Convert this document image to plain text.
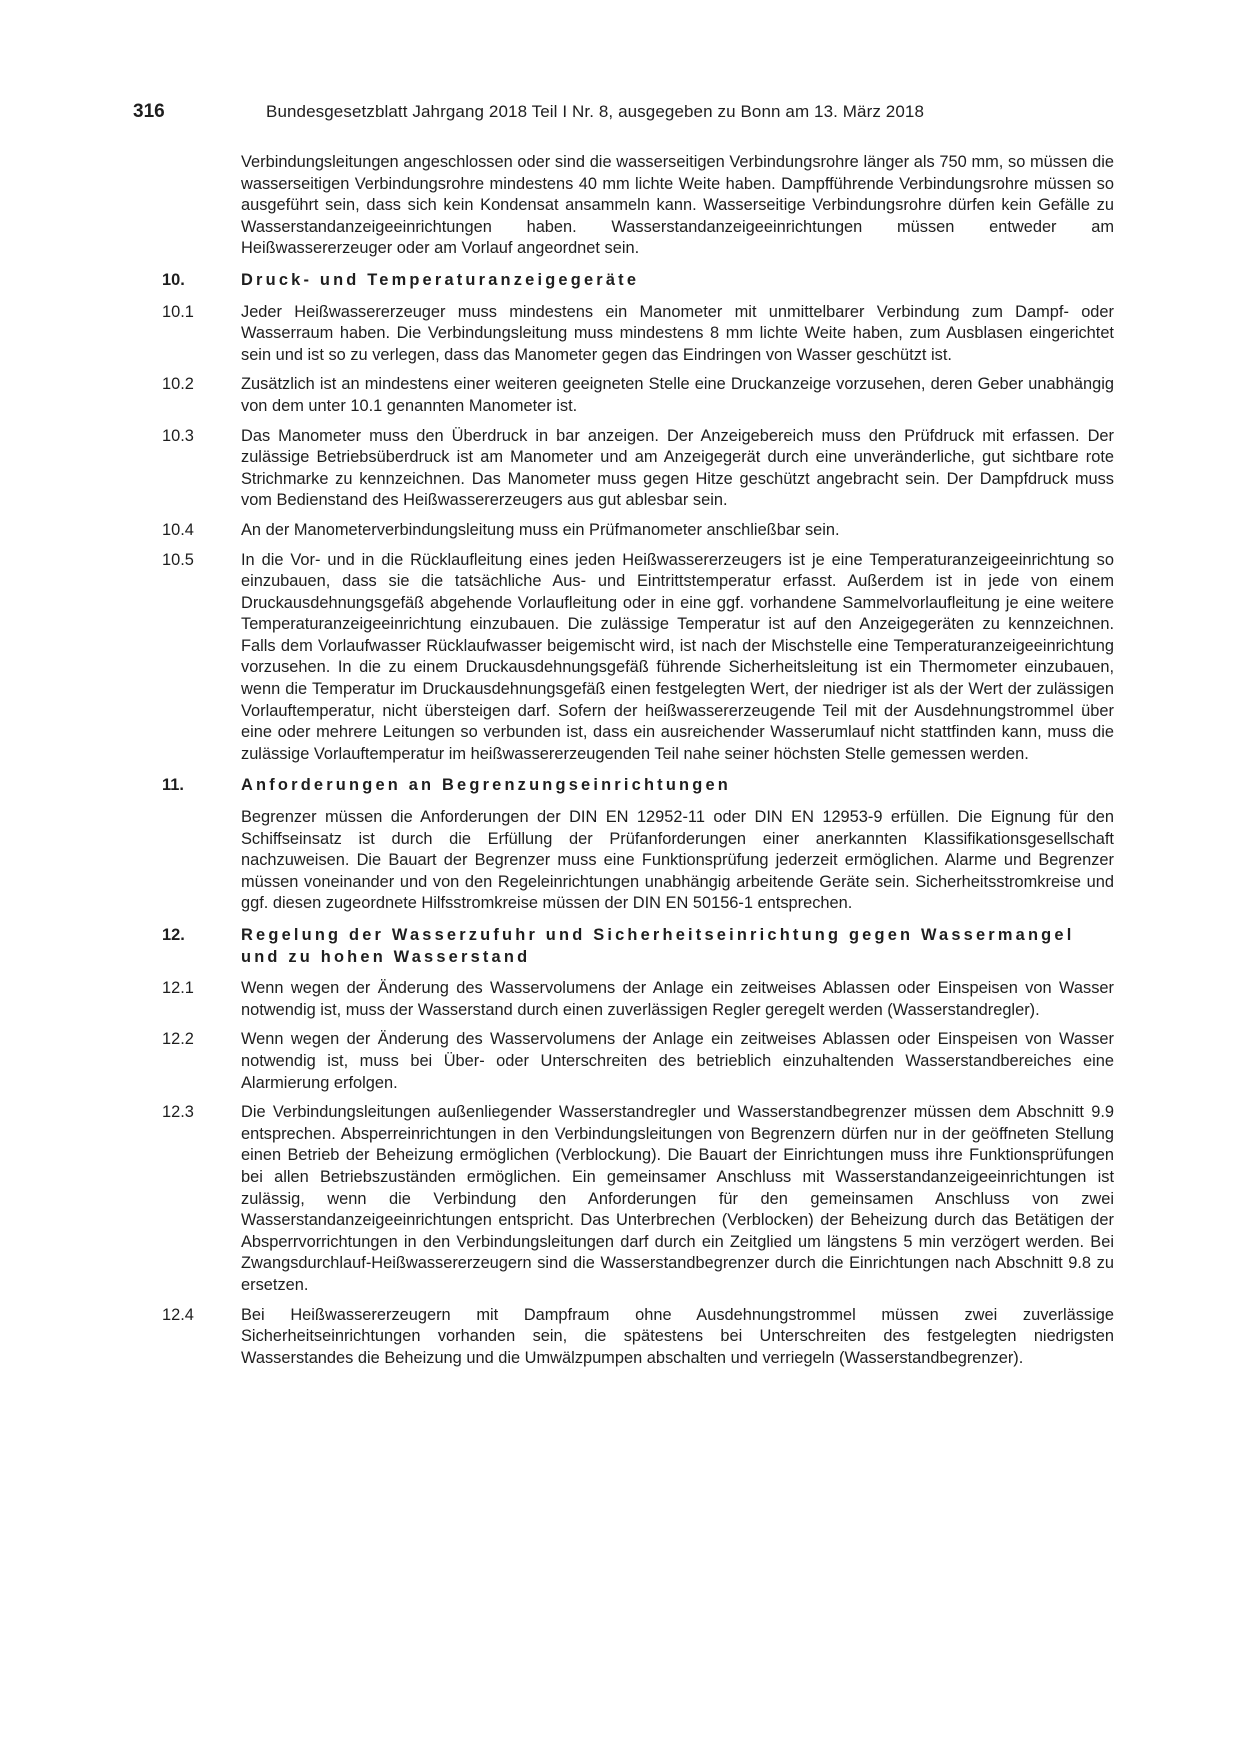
316	Bundesgesetzblatt Jahrgang 2018 Teil I Nr. 8, ausgegeben zu Bonn am 13. März 2018
Verbindungsleitungen angeschlossen oder sind die wasserseitigen Verbindungsrohre länger als 750 mm, so müssen die wasserseitigen Verbindungsrohre mindestens 40 mm lichte Weite haben. Dampfführende Verbindungsrohre müssen so ausgeführt sein, dass sich kein Kondensat ansammeln kann. Wasserseitige Verbindungsrohre dürfen kein Gefälle zu Wasserstandanzeigeeinrichtungen haben. Wasserstandanzeigeeinrichtungen müssen entweder am Heißwassererzeuger oder am Vorlauf angeordnet sein.
10.	Druck- und Temperaturanzeigegeräte
10.1	Jeder Heißwassererzeuger muss mindestens ein Manometer mit unmittelbarer Verbindung zum Dampf- oder Wasserraum haben. Die Verbindungsleitung muss mindestens 8 mm lichte Weite haben, zum Ausblasen eingerichtet sein und ist so zu verlegen, dass das Manometer gegen das Eindringen von Wasser geschützt ist.
10.2	Zusätzlich ist an mindestens einer weiteren geeigneten Stelle eine Druckanzeige vorzusehen, deren Geber unabhängig von dem unter 10.1 genannten Manometer ist.
10.3	Das Manometer muss den Überdruck in bar anzeigen. Der Anzeigebereich muss den Prüfdruck mit erfassen. Der zulässige Betriebsüberdruck ist am Manometer und am Anzeigegerät durch eine unveränderliche, gut sichtbare rote Strichmarke zu kennzeichnen. Das Manometer muss gegen Hitze geschützt angebracht sein. Der Dampfdruck muss vom Bedienstand des Heißwassererzeugers aus gut ablesbar sein.
10.4	An der Manometerverbindungsleitung muss ein Prüfmanometer anschließbar sein.
10.5	In die Vor- und in die Rücklaufleitung eines jeden Heißwassererzeugers ist je eine Temperaturanzeigeeinrichtung so einzubauen, dass sie die tatsächliche Aus- und Eintrittstemperatur erfasst. Außerdem ist in jede von einem Druckausdehnungsgefäß abgehende Vorlaufleitung oder in eine ggf. vorhandene Sammelvorlaufleitung je eine weitere Temperaturanzeigeeinrichtung einzubauen. Die zulässige Temperatur ist auf den Anzeigegeräten zu kennzeichnen. Falls dem Vorlaufwasser Rücklaufwasser beigemischt wird, ist nach der Mischstelle eine Temperaturanzeigeeinrichtung vorzusehen. In die zu einem Druckausdehnungsgefäß führende Sicherheitsleitung ist ein Thermometer einzubauen, wenn die Temperatur im Druckausdehnungsgefäß einen festgelegten Wert, der niedriger ist als der Wert der zulässigen Vorlauftemperatur, nicht übersteigen darf. Sofern der heißwassererzeugende Teil mit der Ausdehnungstrommel über eine oder mehrere Leitungen so verbunden ist, dass ein ausreichender Wasserumlauf nicht stattfinden kann, muss die zulässige Vorlauftemperatur im heißwassererzeugenden Teil nahe seiner höchsten Stelle gemessen werden.
11.	Anforderungen an Begrenzungseinrichtungen
Begrenzer müssen die Anforderungen der DIN EN 12952-11 oder DIN EN 12953-9 erfüllen. Die Eignung für den Schiffseinsatz ist durch die Erfüllung der Prüfanforderungen einer anerkannten Klassifikationsgesellschaft nachzuweisen. Die Bauart der Begrenzer muss eine Funktionsprüfung jederzeit ermöglichen. Alarme und Begrenzer müssen voneinander und von den Regeleinrichtungen unabhängig arbeitende Geräte sein. Sicherheitsstromkreise und ggf. diesen zugeordnete Hilfsstromkreise müssen der DIN EN 50156-1 entsprechen.
12.	Regelung der Wasserzufuhr und Sicherheitseinrichtung gegen Wassermangel und zu hohen Wasserstand
12.1	Wenn wegen der Änderung des Wasservolumens der Anlage ein zeitweises Ablassen oder Einspeisen von Wasser notwendig ist, muss der Wasserstand durch einen zuverlässigen Regler geregelt werden (Wasserstandregler).
12.2	Wenn wegen der Änderung des Wasservolumens der Anlage ein zeitweises Ablassen oder Einspeisen von Wasser notwendig ist, muss bei Über- oder Unterschreiten des betrieblich einzuhaltenden Wasserstandbereiches eine Alarmierung erfolgen.
12.3	Die Verbindungsleitungen außenliegender Wasserstandregler und Wasserstandbegrenzer müssen dem Abschnitt 9.9 entsprechen. Absperreinrichtungen in den Verbindungsleitungen von Begrenzern dürfen nur in der geöffneten Stellung einen Betrieb der Beheizung ermöglichen (Verblockung). Die Bauart der Einrichtungen muss ihre Funktionsprüfungen bei allen Betriebszuständen ermöglichen. Ein gemeinsamer Anschluss mit Wasserstandanzeigeeinrichtungen ist zulässig, wenn die Verbindung den Anforderungen für den gemeinsamen Anschluss von zwei Wasserstandanzeigeeinrichtungen entspricht. Das Unterbrechen (Verblocken) der Beheizung durch das Betätigen der Absperrvorrichtungen in den Verbindungsleitungen darf durch ein Zeitglied um längstens 5 min verzögert werden. Bei Zwangsdurchlauf-Heißwassererzeugern sind die Wasserstandbegrenzer durch die Einrichtungen nach Abschnitt 9.8 zu ersetzen.
12.4	Bei Heißwassererzeugern mit Dampfraum ohne Ausdehnungstrommel müssen zwei zuverlässige Sicherheitseinrichtungen vorhanden sein, die spätestens bei Unterschreiten des festgelegten niedrigsten Wasserstandes die Beheizung und die Umwälzpumpen abschalten und verriegeln (Wasserstandbegrenzer).
